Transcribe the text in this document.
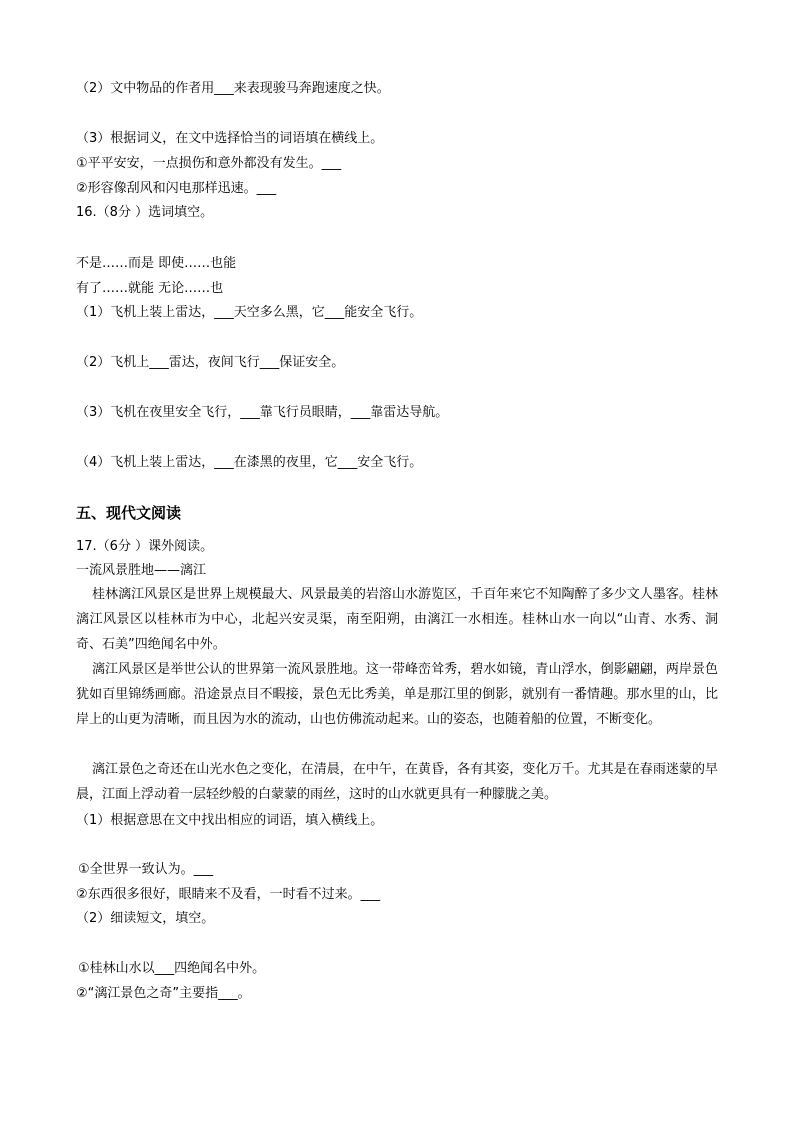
（2）文中物品的作者用___来表现骏马奔跑速度之快。
（3）根据词义，在文中选择恰当的词语填在横线上。
①平平安安，一点损伤和意外都没有发生。___
②形容像刮风和闪电那样迅速。___
16.（8分 ）选词填空。
不是……而是 即使……也能
有了……就能 无论……也
（1）飞机上装上雷达，___天空多么黑，它___能安全飞行。
（2）飞机上___雷达，夜间飞行___保证安全。
（3）飞机在夜里安全飞行，___靠飞行员眼睛，___靠雷达导航。
（4）飞机上装上雷达，___在漆黑的夜里，它___安全飞行。
五、现代文阅读
17.（6分 ）课外阅读。
一流风景胜地——漓江
桂林漓江风景区是世界上规模最大、风景最美的岩溶山水游览区，千百年来它不知陶醉了多少文人墨客。桂林漓江风景区以桂林市为中心，北起兴安灵渠，南至阳朔，由漓江一水相连。桂林山水一向以“山青、水秀、洞奇、石美”四绝闻名中外。
漓江风景区是举世公认的世界第一流风景胜地。这一带峰峦耸秀，碧水如镜，青山浮水，倒影翩翩，两岸景色犹如百里锦绣画廊。沿途景点目不暇接，景色无比秀美，单是那江里的倒影，就别有一番情趣。那水里的山，比岸上的山更为清晰，而且因为水的流动，山也仿佛流动起来。山的姿态，也随着船的位置，不断变化。
漓江景色之奇还在山光水色之变化，在清晨，在中午，在黄昏，各有其姿，变化万千。尤其是在春雨迷蒙的早晨，江面上浮动着一层轻纱般的白蒙蒙的雨丝，这时的山水就更具有一种朦胧之美。
（1）根据意思在文中找出相应的词语，填入横线上。
①全世界一致认为。___
②东西很多很好，眼睛来不及看，一时看不过来。___
（2）细读短文，填空。
①桂林山水以___四绝闻名中外。
②“漓江景色之奇”主要指___。
